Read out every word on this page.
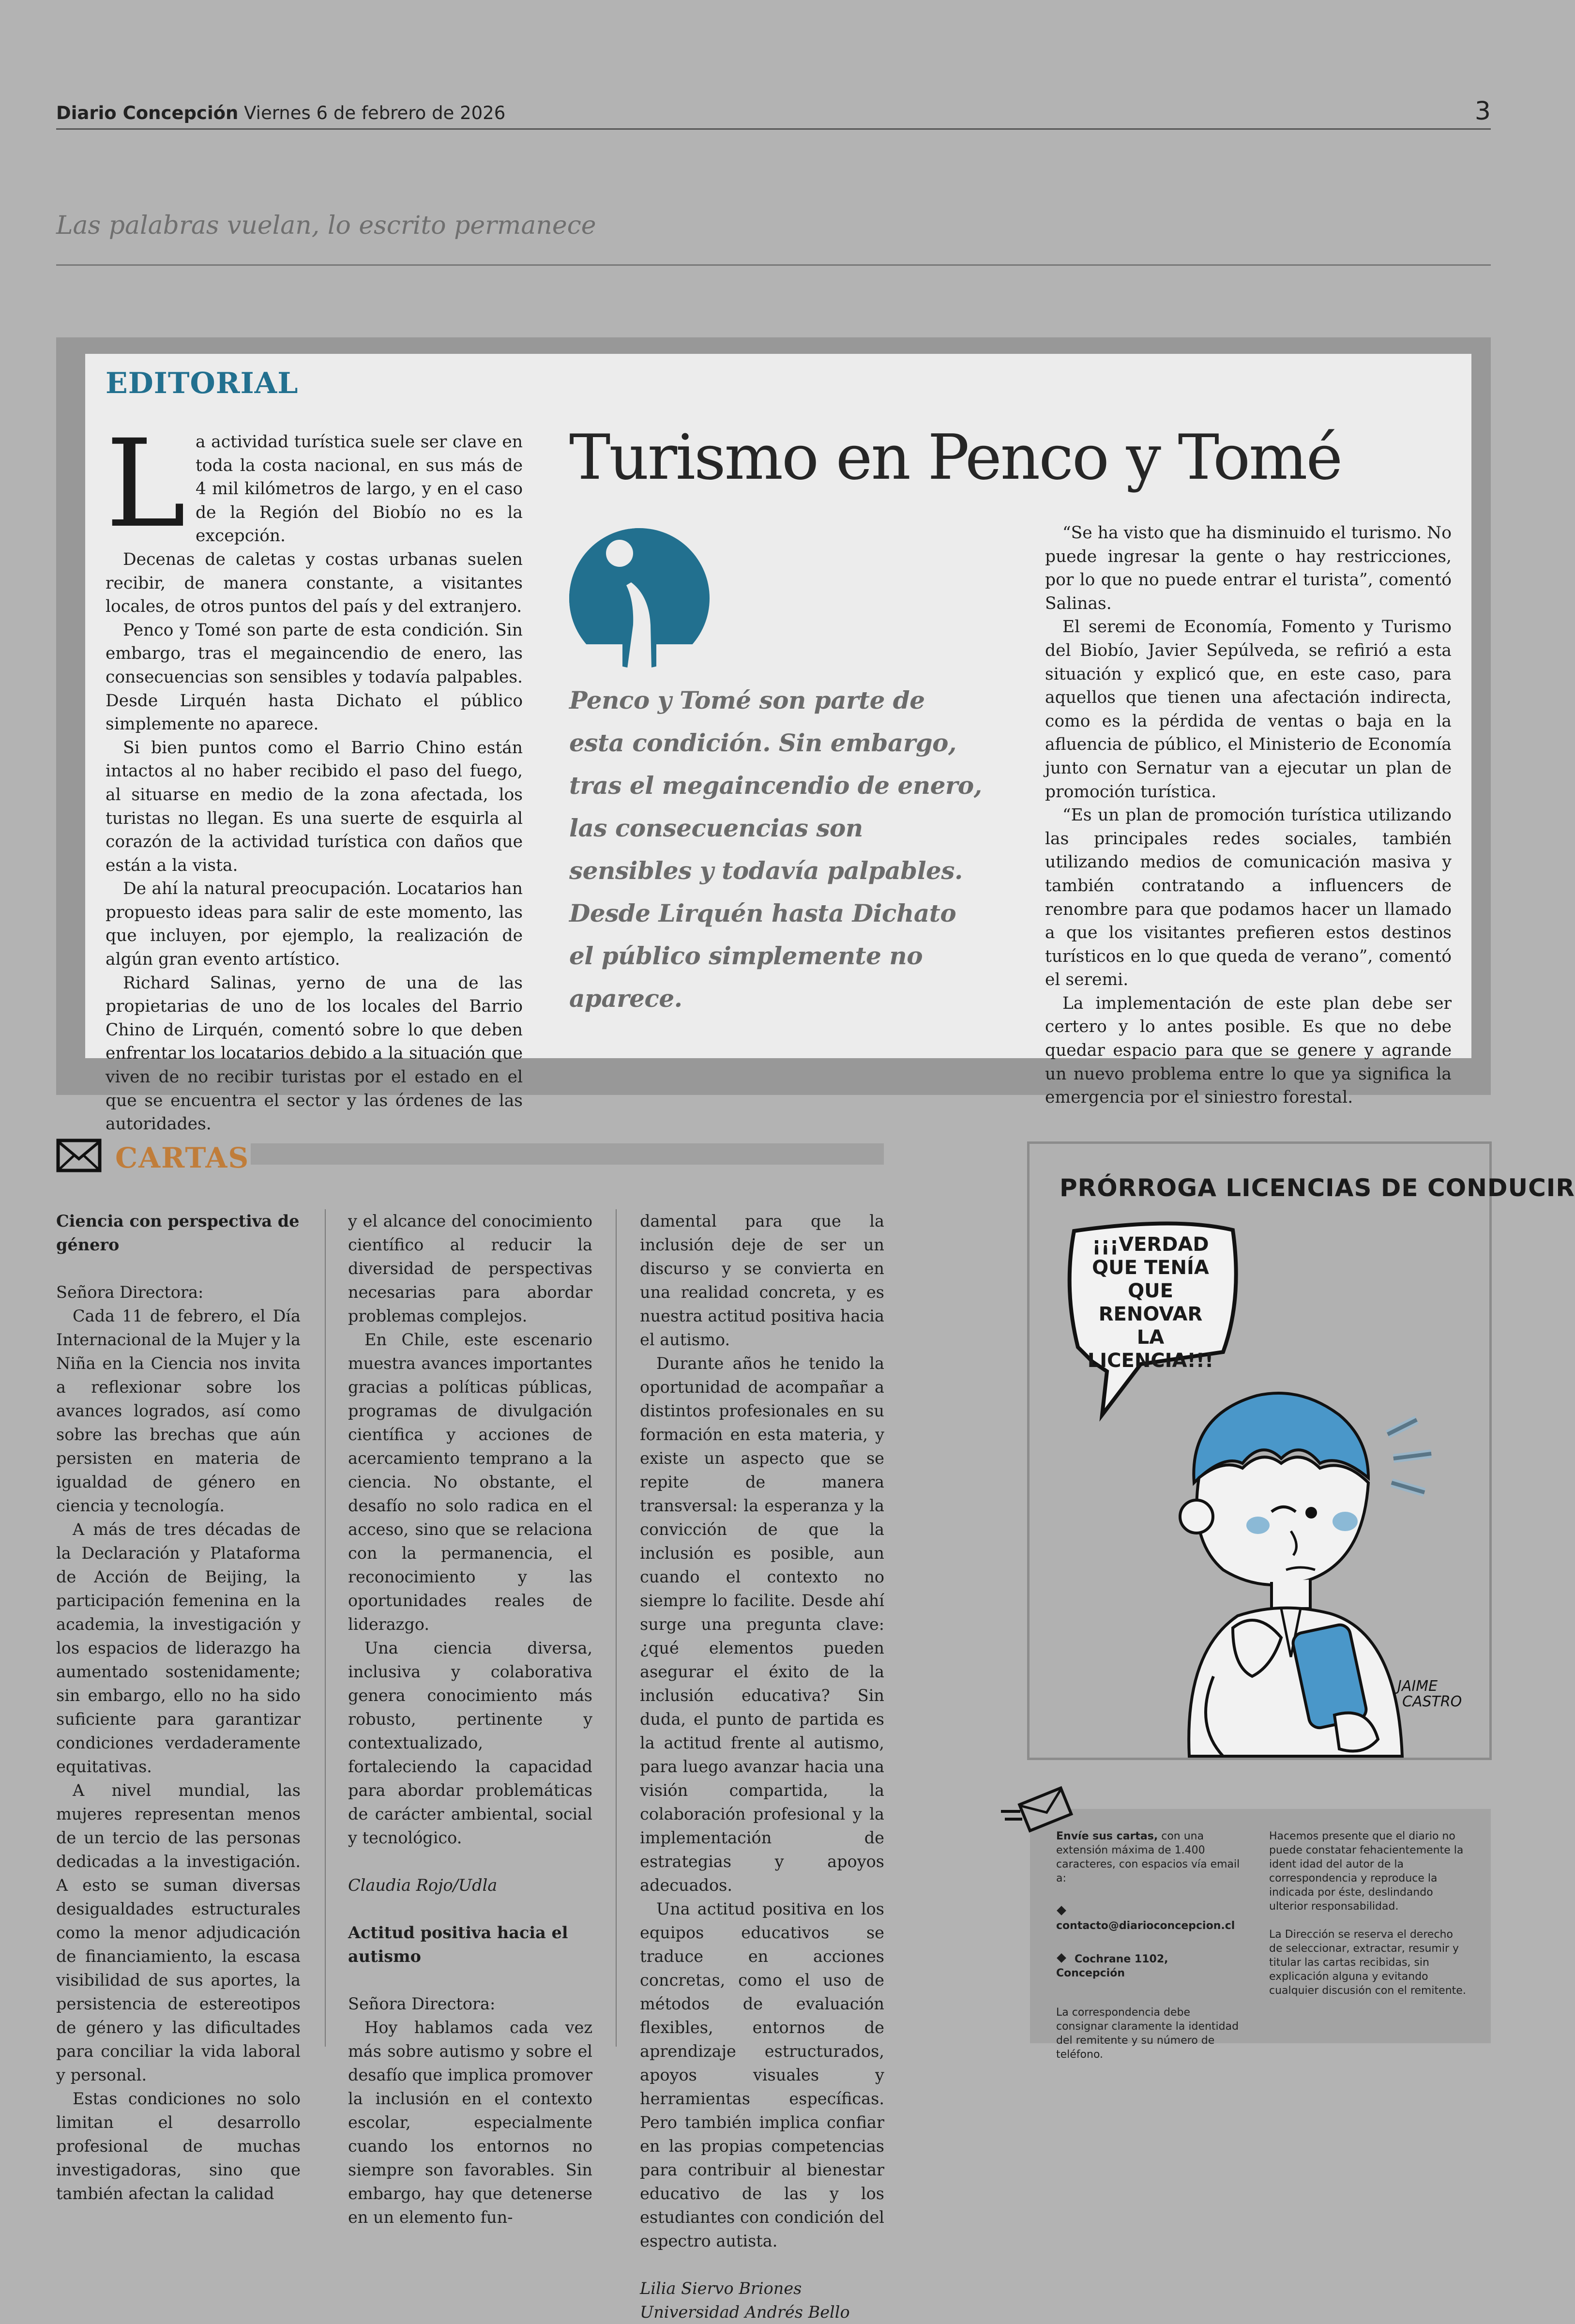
Diario Concepción Viernes 6 de febrero de 2026	3
Las palabras vuelan, lo escrito permanece
EDITORIAL

La actividad turística suele ser clave en toda la costa nacional, en sus más de 4 mil kilómetros de largo, y en el caso de la Región del Biobío no es la excepción.

Decenas de caletas y costas urbanas suelen recibir, de manera constante, a visitantes locales, de otros puntos del país y del extranjero.

Penco y Tomé son parte de esta condición. Sin embargo, tras el megaincendio de enero, las consecuencias son sensibles y todavía palpables. Desde Lirquén hasta Dichato el público simplemente no aparece.

Si bien puntos como el Barrio Chino están intactos al no haber recibido el paso del fuego, al situarse en medio de la zona afectada, los turistas no llegan. Es una suerte de esquirla al corazón de la actividad turística con daños que están a la vista.

De ahí la natural preocupación. Locatarios han propuesto ideas para salir de este momento, las que incluyen, por ejemplo, la realización de algún gran evento artístico.

Richard Salinas, yerno de una de las propietarias de uno de los locales del Barrio Chino de Lirquén, comentó sobre lo que deben enfrentar los locatarios debido a la situación que viven de no recibir turistas por el estado en el que se encuentra el sector y las órdenes de las autoridades.

Turismo en Penco y Tomé
Penco y Tomé son parte de esta condición. Sin embargo, tras el megaincendio de enero, las consecuencias son sensibles y todavía palpables. Desde Lirquén hasta Dichato el público simplemente no aparece.

“Se ha visto que ha disminuido el turismo. No puede ingresar la gente o hay restricciones, por lo que no puede entrar el turista”, comentó Salinas.

El seremi de Economía, Fomento y Turismo del Biobío, Javier Sepúlveda, se refirió a esta situación y explicó que, en este caso, para aquellos que tienen una afectación indirecta, como es la pérdida de ventas o baja en la afluencia de público, el Ministerio de Economía junto con Sernatur van a ejecutar un plan de promoción turística.

“Es un plan de promoción turística utilizando las principales redes sociales, también utilizando medios de comunicación masiva y también contratando a influencers de renombre para que podamos hacer un llamado a que los visitantes prefieren estos destinos turísticos en lo que queda de verano”, comentó el seremi.

La implementación de este plan debe ser certero y lo antes posible. Es que no debe quedar espacio para que se genere y agrande un nuevo problema entre lo que ya significa la emergencia por el siniestro forestal.

CARTAS

Ciencia con perspectiva de género

Señora Directora:

Cada 11 de febrero, el Día Internacional de la Mujer y la Niña en la Ciencia nos invita a reflexionar sobre los avances logrados, así como sobre las brechas que aún persisten en materia de igualdad de género en ciencia y tecnología.

A más de tres décadas de la Declaración y Plataforma de Acción de Beijing, la participación femenina en la academia, la investigación y los espacios de liderazgo ha aumentado sostenidamente; sin embargo, ello no ha sido suficiente para garantizar condiciones verdaderamente equitativas.

A nivel mundial, las mujeres representan menos de un tercio de las personas dedicadas a la investigación. A esto se suman diversas desigualdades estructurales como la menor adjudicación de financiamiento, la escasa visibilidad de sus aportes, la persistencia de estereotipos de género y las dificultades para conciliar la vida laboral y personal.

Estas condiciones no solo limitan el desarrollo profesional de muchas investigadoras, sino que también afectan la calidad

y el alcance del conocimiento científico al reducir la diversidad de perspectivas necesarias para abordar problemas complejos.

En Chile, este escenario muestra avances importantes gracias a políticas públicas, programas de divulgación científica y acciones de acercamiento temprano a la ciencia. No obstante, el desafío no solo radica en el acceso, sino que se relaciona con la permanencia, el reconocimiento y las oportunidades reales de liderazgo.

Una ciencia diversa, inclusiva y colaborativa genera conocimiento más robusto, pertinente y contextualizado, fortaleciendo la capacidad para abordar problemáticas de carácter ambiental, social y tecnológico.

Claudia Rojo/Udla

Actitud positiva hacia el autismo

Señora Directora:

Hoy hablamos cada vez más sobre autismo y sobre el desafío que implica promover la inclusión en el contexto escolar, especialmente cuando los entornos no siempre son favorables. Sin embargo, hay que detenerse en un elemento fun-

damental para que la inclusión deje de ser un discurso y se convierta en una realidad concreta, y es nuestra actitud positiva hacia el autismo.

Durante años he tenido la oportunidad de acompañar a distintos profesionales en su formación en esta materia, y existe un aspecto que se repite de manera transversal: la esperanza y la convicción de que la inclusión es posible, aun cuando el contexto no siempre lo facilite. Desde ahí surge una pregunta clave: ¿qué elementos pueden asegurar el éxito de la inclusión educativa? Sin duda, el punto de partida es la actitud frente al autismo, para luego avanzar hacia una visión compartida, la colaboración profesional y la implementación de estrategias y apoyos adecuados.

Una actitud positiva en los equipos educativos se traduce en acciones concretas, como el uso de métodos de evaluación flexibles, entornos de aprendizaje estructurados, apoyos visuales y herramientas específicas. Pero también implica confiar en las propias competencias para contribuir al bienestar educativo de las y los estudiantes con condición del espectro autista.

Lilia Siervo Briones

Universidad Andrés Bello

JAIME
CASTRO
PRÓRROGA LICENCIAS DE CONDUCIR
¡¡¡VERDAD QUE TENÍA QUE RENOVAR LA LICENCIA!!!
Envíe sus cartas, con una extensión máxima de 1.400 caracteres, con espacios vía email a:
contacto@diarioconcepcion.cl
Cochrane 1102, Concepción
La correspondencia debe consignar claramente la identidad del remitente y su número de teléfono.
Hacemos presente que el diario no puede constatar fehacientemente la ident idad del autor de la correspondencia y reproduce la indicada por éste, deslindando ulterior responsabilidad.
La Dirección se reserva el derecho de seleccionar, extractar, resumir y titular las cartas recibidas, sin explicación alguna y evitando cualquier discusión con el remitente.
